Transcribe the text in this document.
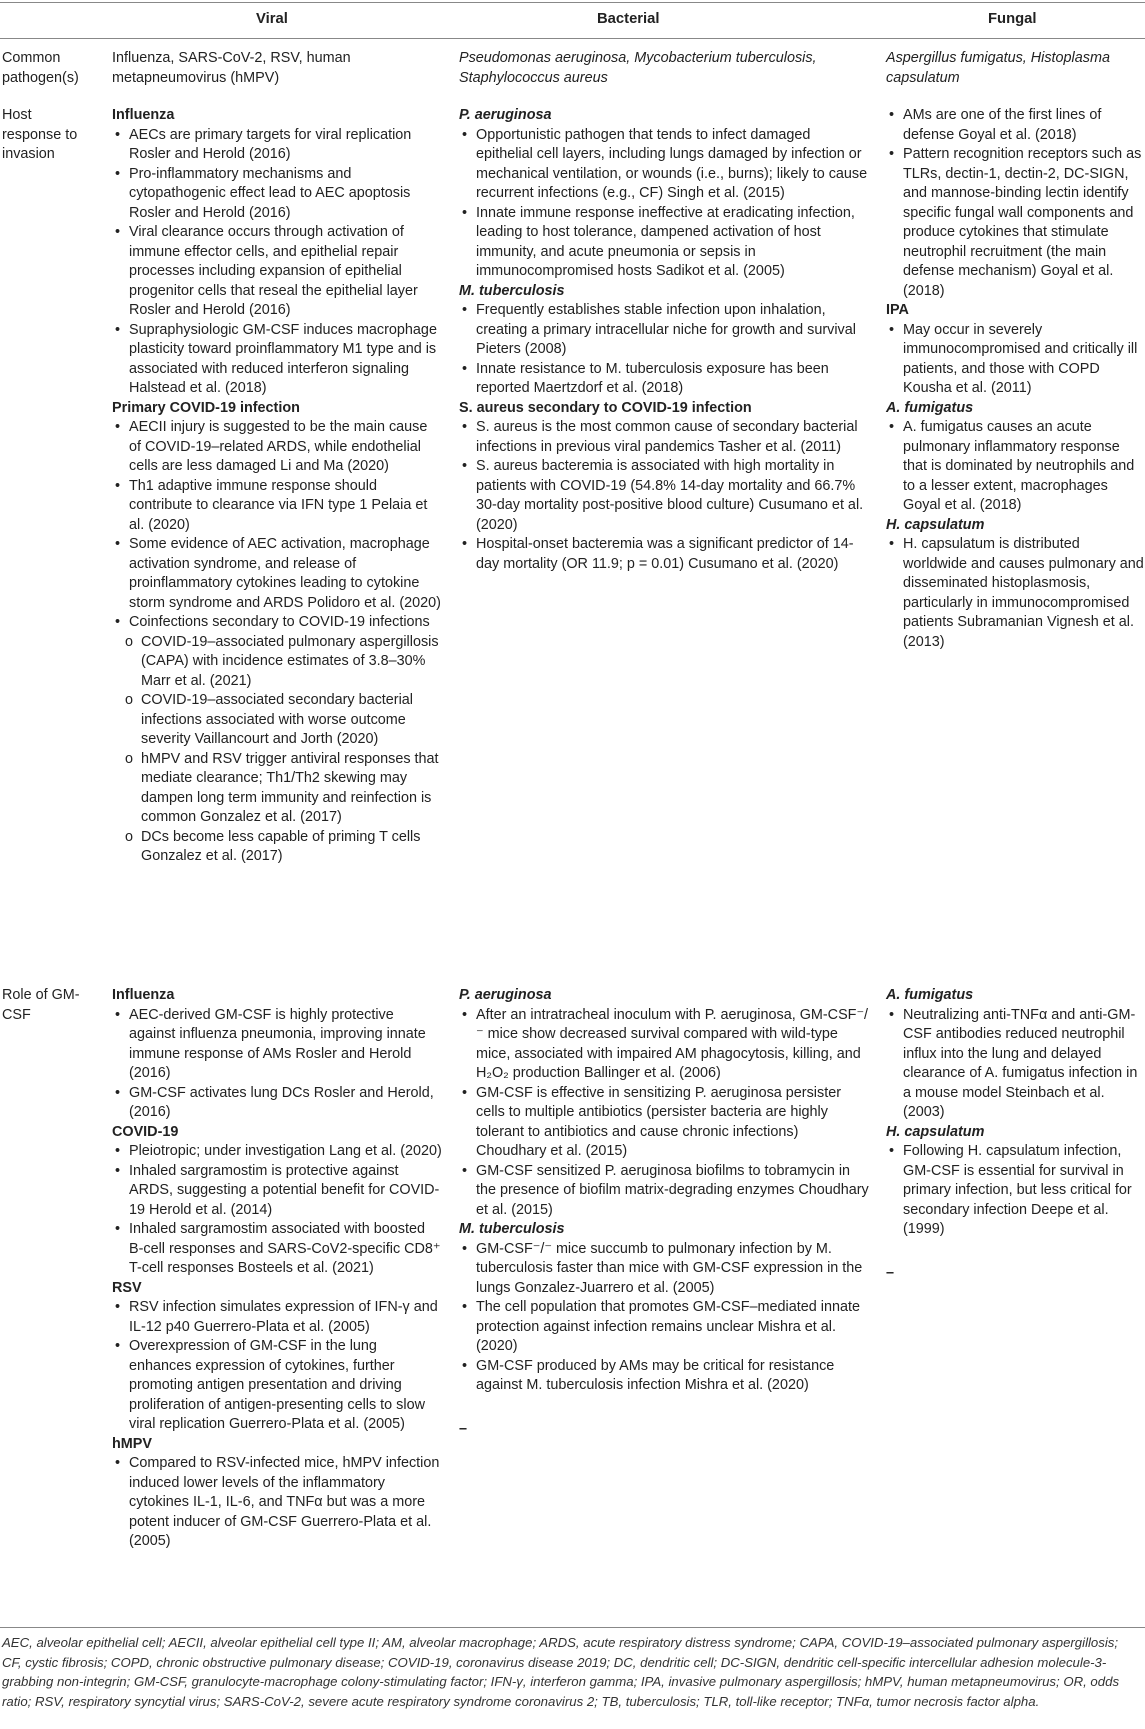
Viral	Bacterial	Fungal
Common pathogen(s)
Host response to invasion
Role of GM-CSF
Influenza, SARS-CoV-2, RSV, human metapneumovirus (hMPV)
Pseudomonas aeruginosa, Mycobacterium tuberculosis, Staphylococcus aureus
Aspergillus fumigatus, Histoplasma capsulatum
Influenza
• AECs are primary targets for viral replication Rosler and Herold (2016)
• Pro-inflammatory mechanisms and cytopathogenic effect lead to AEC apoptosis Rosler and Herold (2016)
• Viral clearance occurs through activation of immune effector cells, and epithelial repair processes including expansion of epithelial progenitor cells that reseal the epithelial layer Rosler and Herold (2016)
• Supraphysiologic GM-CSF induces macrophage plasticity toward proinflammatory M1 type and is associated with reduced interferon signaling Halstead et al. (2018)
Primary COVID-19 infection
• AECII injury is suggested to be the main cause of COVID-19–related ARDS, while endothelial cells are less damaged Li and Ma (2020)
• Th1 adaptive immune response should contribute to clearance via IFN type 1 Pelaia et al. (2020)
• Some evidence of AEC activation, macrophage activation syndrome, and release of proinflammatory cytokines leading to cytokine storm syndrome and ARDS Polidoro et al. (2020)
• Coinfections secondary to COVID-19 infections
o COVID-19–associated pulmonary aspergillosis (CAPA) with incidence estimates of 3.8–30% Marr et al. (2021)
o COVID-19–associated secondary bacterial infections associated with worse outcome severity Vaillancourt and Jorth (2020)
o hMPV and RSV trigger antiviral responses that mediate clearance; Th1/Th2 skewing may dampen long term immunity and reinfection is common Gonzalez et al. (2017)
o DCs become less capable of priming T cells Gonzalez et al. (2017)
P. aeruginosa
• Opportunistic pathogen that tends to infect damaged epithelial cell layers, including lungs damaged by infection or mechanical ventilation, or wounds (i.e., burns); likely to cause recurrent infections (e.g., CF) Singh et al. (2015)
• Innate immune response ineffective at eradicating infection, leading to host tolerance, dampened activation of host immunity, and acute pneumonia or sepsis in immunocompromised hosts Sadikot et al. (2005)
M. tuberculosis
• Frequently establishes stable infection upon inhalation, creating a primary intracellular niche for growth and survival Pieters (2008)
• Innate resistance to M. tuberculosis exposure has been reported Maertzdorf et al. (2018)
S. aureus secondary to COVID-19 infection
• S. aureus is the most common cause of secondary bacterial infections in previous viral pandemics Tasher et al. (2011)
• S. aureus bacteremia is associated with high mortality in patients with COVID-19 (54.8% 14-day mortality and 66.7% 30-day mortality post-positive blood culture) Cusumano et al. (2020)
• Hospital-onset bacteremia was a significant predictor of 14-day mortality (OR 11.9; p = 0.01) Cusumano et al. (2020)
• AMs are one of the first lines of defense Goyal et al. (2018)
• Pattern recognition receptors such as TLRs, dectin-1, dectin-2, DC-SIGN, and mannose-binding lectin identify specific fungal wall components and produce cytokines that stimulate neutrophil recruitment (the main defense mechanism) Goyal et al. (2018)
IPA
• May occur in severely immunocompromised and critically ill patients, and those with COPD Kousha et al. (2011)
A. fumigatus
• A. fumigatus causes an acute pulmonary inflammatory response that is dominated by neutrophils and to a lesser extent, macrophages Goyal et al. (2018)
H. capsulatum
• H. capsulatum is distributed worldwide and causes pulmonary and disseminated histoplasmosis, particularly in immunocompromised patients Subramanian Vignesh et al. (2013)
Influenza
• AEC-derived GM-CSF is highly protective against influenza pneumonia, improving innate immune response of AMs Rosler and Herold (2016)
• GM-CSF activates lung DCs Rosler and Herold, (2016)
COVID-19
• Pleiotropic; under investigation Lang et al. (2020)
• Inhaled sargramostim is protective against ARDS, suggesting a potential benefit for COVID-19 Herold et al. (2014)
• Inhaled sargramostim associated with boosted B-cell responses and SARS-CoV2-specific CD8⁺ T-cell responses Bosteels et al. (2021)
RSV
• RSV infection simulates expression of IFN-γ and IL-12 p40 Guerrero-Plata et al. (2005)
• Overexpression of GM-CSF in the lung enhances expression of cytokines, further promoting antigen presentation and driving proliferation of antigen-presenting cells to slow viral replication Guerrero-Plata et al. (2005)
hMPV
• Compared to RSV-infected mice, hMPV infection induced lower levels of the inflammatory cytokines IL-1, IL-6, and TNFα but was a more potent inducer of GM-CSF Guerrero-Plata et al. (2005)
P. aeruginosa
• After an intratracheal inoculum with P. aeruginosa, GM-CSF⁻/⁻ mice show decreased survival compared with wild-type mice, associated with impaired AM phagocytosis, killing, and H₂O₂ production Ballinger et al. (2006)
• GM-CSF is effective in sensitizing P. aeruginosa persister cells to multiple antibiotics (persister bacteria are highly tolerant to antibiotics and cause chronic infections) Choudhary et al. (2015)
• GM-CSF sensitized P. aeruginosa biofilms to tobramycin in the presence of biofilm matrix-degrading enzymes Choudhary et al. (2015)
M. tuberculosis
• GM-CSF⁻/⁻ mice succumb to pulmonary infection by M. tuberculosis faster than mice with GM-CSF expression in the lungs Gonzalez-Juarrero et al. (2005)
• The cell population that promotes GM-CSF–mediated innate protection against infection remains unclear Mishra et al. (2020)
• GM-CSF produced by AMs may be critical for resistance against M. tuberculosis infection Mishra et al. (2020)
–
A. fumigatus
• Neutralizing anti-TNFα and anti-GM-CSF antibodies reduced neutrophil influx into the lung and delayed clearance of A. fumigatus infection in a mouse model Steinbach et al. (2003)
H. capsulatum
• Following H. capsulatum infection, GM-CSF is essential for survival in primary infection, but less critical for secondary infection Deepe et al. (1999)
–
AEC, alveolar epithelial cell; AECII, alveolar epithelial cell type II; AM, alveolar macrophage; ARDS, acute respiratory distress syndrome; CAPA, COVID-19–associated pulmonary aspergillosis; CF, cystic fibrosis; COPD, chronic obstructive pulmonary disease; COVID-19, coronavirus disease 2019; DC, dendritic cell; DC-SIGN, dendritic cell-specific intercellular adhesion molecule-3-grabbing non-integrin; GM-CSF, granulocyte-macrophage colony-stimulating factor; IFN-γ, interferon gamma; IPA, invasive pulmonary aspergillosis; hMPV, human metapneumovirus; OR, odds ratio; RSV, respiratory syncytial virus; SARS-CoV-2, severe acute respiratory syndrome coronavirus 2; TB, tuberculosis; TLR, toll-like receptor; TNFα, tumor necrosis factor alpha.
